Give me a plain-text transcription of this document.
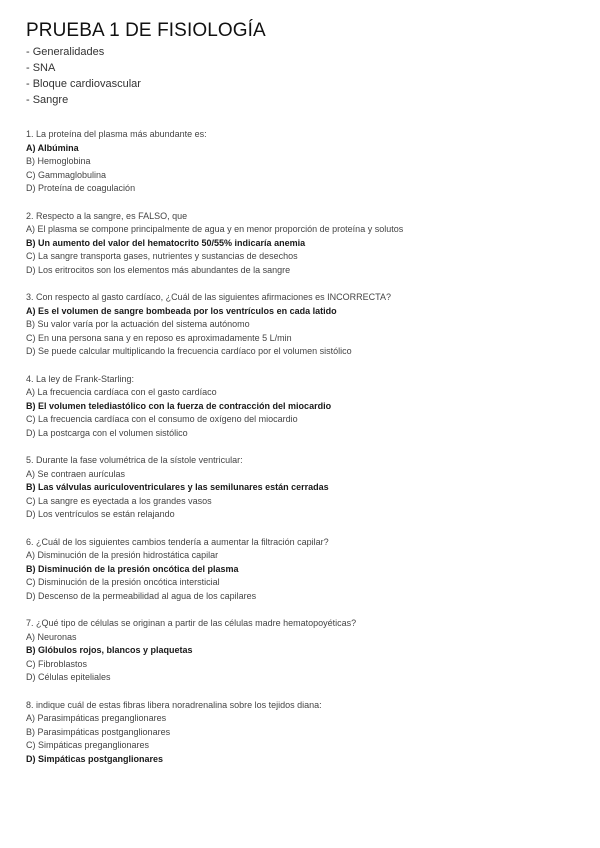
PRUEBA 1 DE FISIOLOGÍA
- Generalidades
- SNA
- Bloque cardiovascular
- Sangre
1. La proteína del plasma más abundante es:
A) Albúmina
B) Hemoglobina
C) Gammaglobulina
D) Proteína de coagulación
2. Respecto a la sangre, es FALSO, que
A) El plasma se compone principalmente de agua y en menor proporción de proteína y solutos
B) Un aumento del valor del hematocrito 50/55% indicaría anemia
C) La sangre transporta gases, nutrientes y sustancias de desechos
D) Los eritrocitos son los elementos más abundantes de la sangre
3. Con respecto al gasto cardíaco, ¿Cuál de las siguientes afirmaciones es INCORRECTA?
A) Es el volumen de sangre bombeada por los ventrículos en cada latido
B) Su valor varía por la actuación del sistema autónomo
C) En una persona sana y en reposo es aproximadamente 5 L/min
D) Se puede calcular multiplicando la frecuencia cardíaco por el volumen sistólico
4. La ley de Frank-Starling:
A) La frecuencia cardíaca con el gasto cardíaco
B) El volumen telediastólico con la fuerza de contracción del miocardio
C) La frecuencia cardíaca con el consumo de oxígeno del miocardio
D) La postcarga con el volumen sistólico
5. Durante la fase volumétrica de la sístole ventricular:
A) Se contraen aurículas
B) Las válvulas auriculoventriculares y las semilunares están cerradas
C) La sangre es eyectada a los grandes vasos
D) Los ventrículos se están relajando
6. ¿Cuál de los siguientes cambios tendería a aumentar la filtración capilar?
A) Disminución de la presión hidrostática capilar
B) Disminución de la presión oncótica del plasma
C) Disminución de la presión oncótica intersticial
D) Descenso de la permeabilidad al agua de los capilares
7. ¿Qué tipo de células se originan a partir de las células madre hematopoyéticas?
A) Neuronas
B) Glóbulos rojos, blancos y plaquetas
C) Fibroblastos
D) Células epiteliales
8. indique cuál de estas fibras libera noradrenalina sobre los tejidos diana:
A) Parasimpáticas preganglionares
B) Parasimpáticas postganglionares
C) Simpáticas preganglionares
D) Simpáticas postganglionares
